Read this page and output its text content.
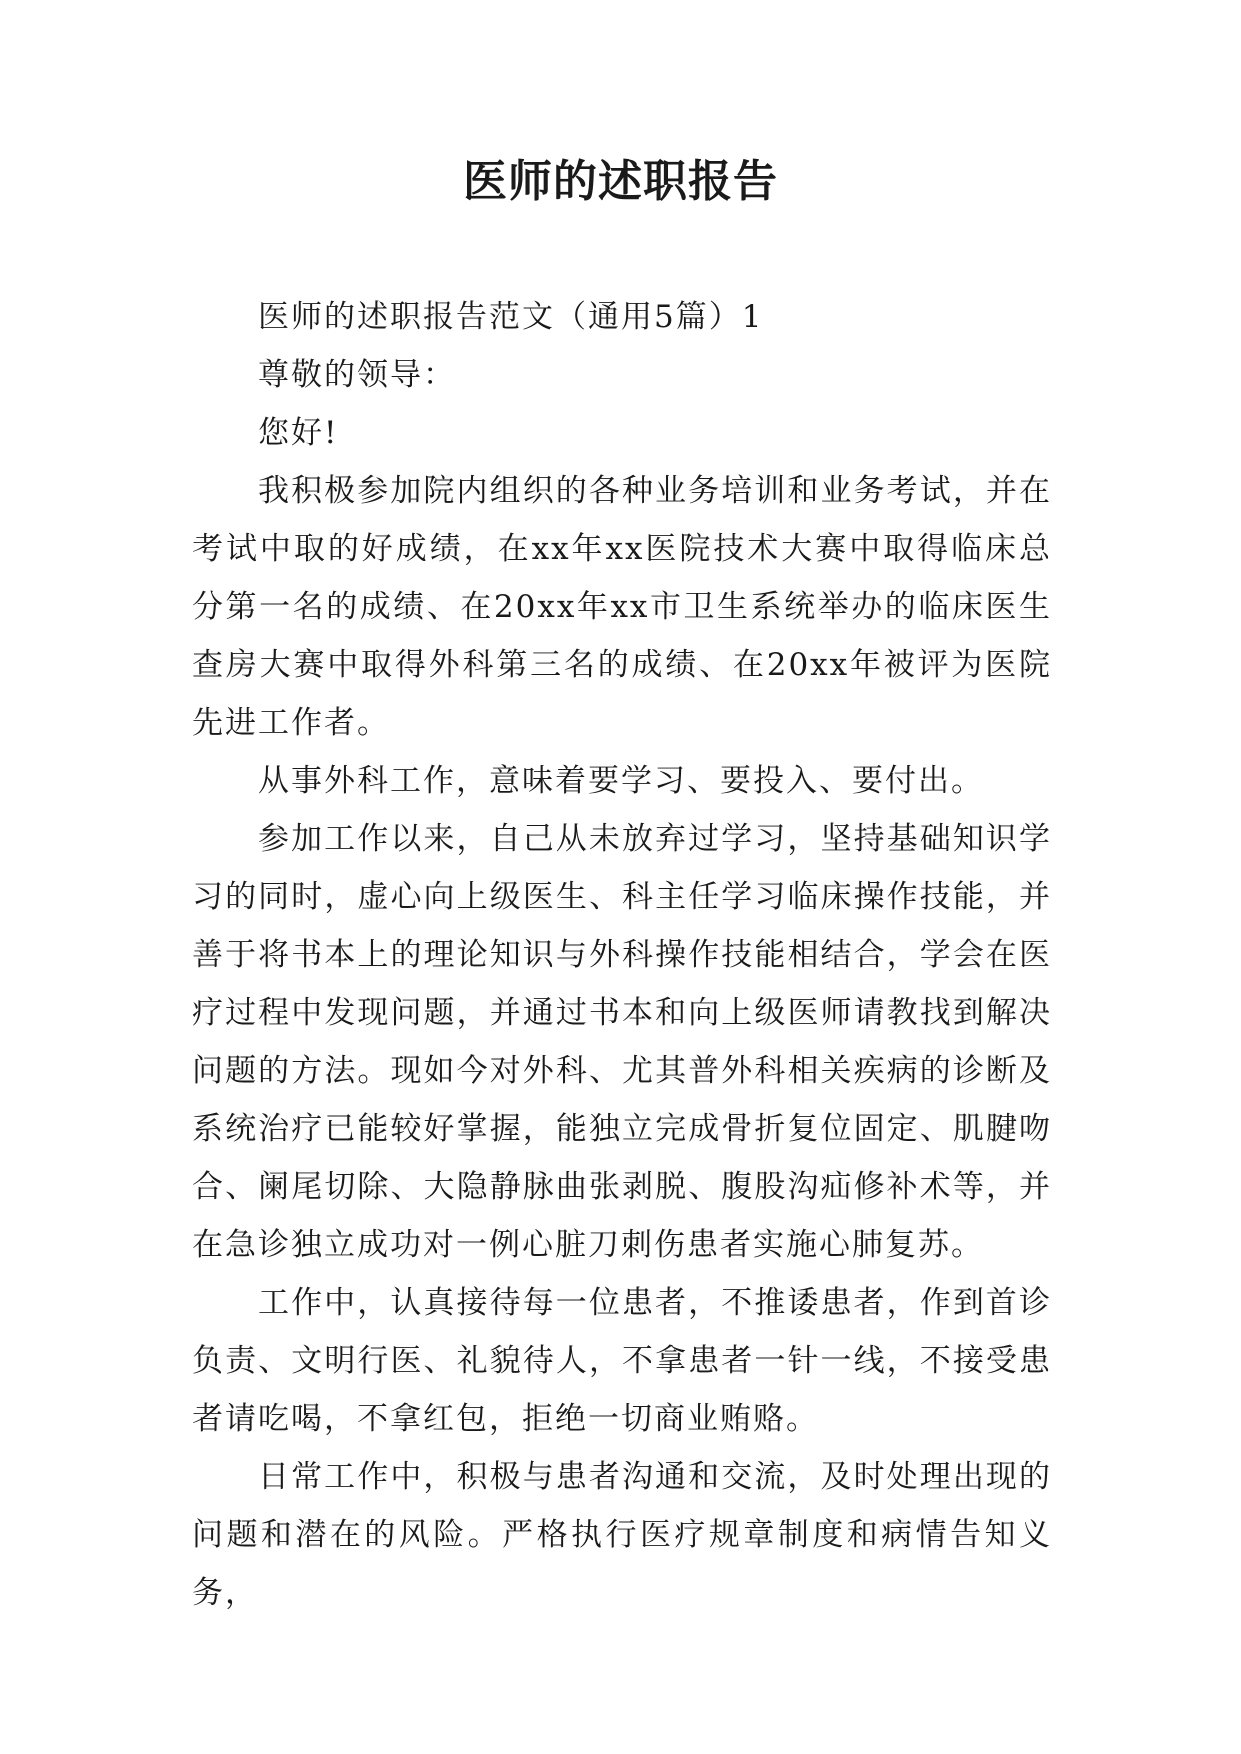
医师的述职报告

医师的述职报告范文（通用5篇）1

尊敬的领导：

您好!

我积极参加院内组织的各种业务培训和业务考试，并在考试中取的好成绩，在xx年xx医院技术大赛中取得临床总分第一名的成绩、在20xx年xx市卫生系统举办的临床医生查房大赛中取得外科第三名的成绩、在20xx年被评为医院先进工作者。

从事外科工作，意味着要学习、要投入、要付出。

参加工作以来，自己从未放弃过学习，坚持基础知识学习的同时，虚心向上级医生、科主任学习临床操作技能，并善于将书本上的理论知识与外科操作技能相结合，学会在医疗过程中发现问题，并通过书本和向上级医师请教找到解决问题的方法。现如今对外科、尤其普外科相关疾病的诊断及系统治疗已能较好掌握，能独立完成骨折复位固定、肌腱吻合、阑尾切除、大隐静脉曲张剥脱、腹股沟疝修补术等，并在急诊独立成功对一例心脏刀刺伤患者实施心肺复苏。

工作中，认真接待每一位患者，不推诿患者，作到首诊负责、文明行医、礼貌待人，不拿患者一针一线，不接受患者请吃喝，不拿红包，拒绝一切商业贿赂。

日常工作中，积极与患者沟通和交流，及时处理出现的问题和潜在的风险。严格执行医疗规章制度和病情告知义务，
